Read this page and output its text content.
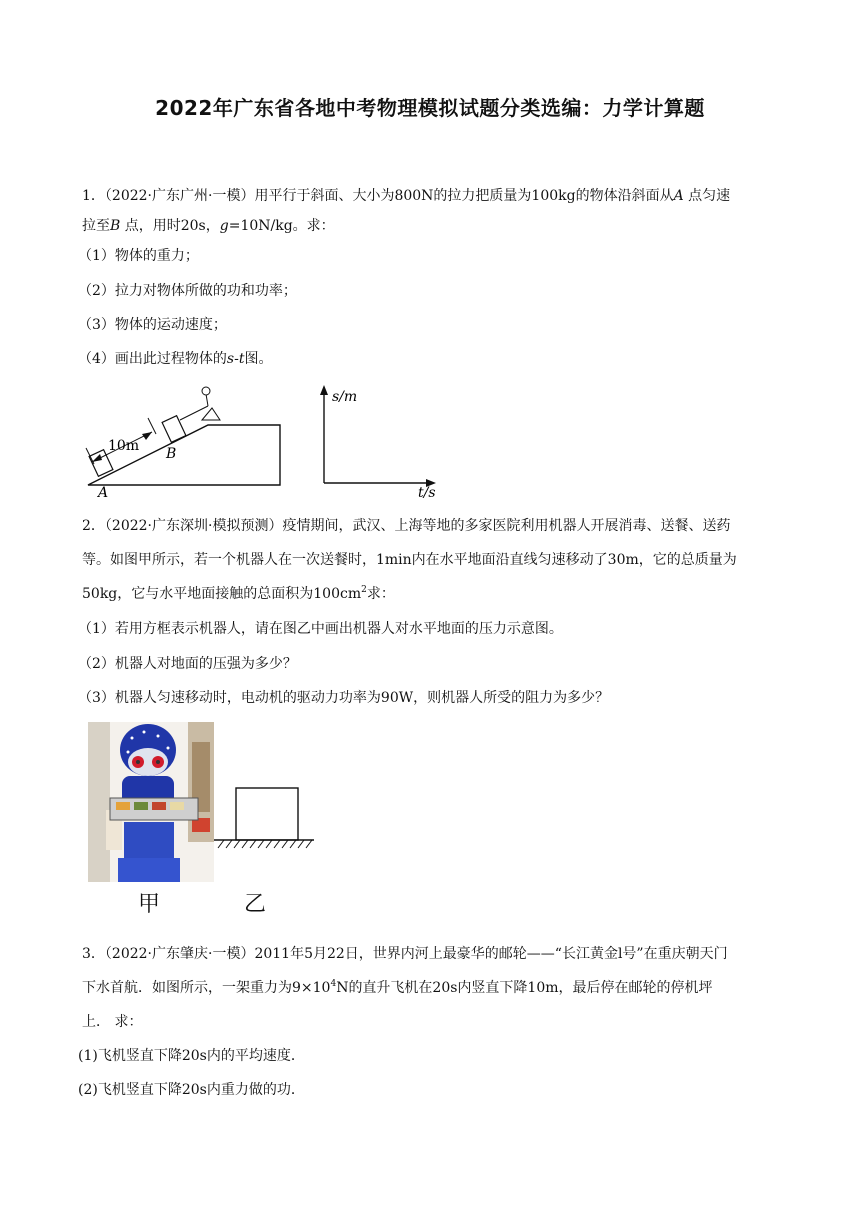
2022年广东省各地中考物理模拟试题分类选编：力学计算题
1．（2022·广东广州·一模）用平行于斜面、大小为800N的拉力把质量为100kg的物体沿斜面从A 点匀速
拉至B 点，用时20s，g=10N/kg。求：
（1）物体的重力；
（2）拉力对物体所做的功和功率；
（3）物体的运动速度；
（4）画出此过程物体的s-t图。
10m B
A
s/m
t/s
2．（2022·广东深圳·模拟预测）疫情期间，武汉、上海等地的多家医院利用机器人开展消毒、送餐、送药
等。如图甲所示，若一个机器人在一次送餐时，1min内在水平地面沿直线匀速移动了30m，它的总质量为
50kg，它与水平地面接触的总面积为$100cm^2$求：
（1）若用方框表示机器人，请在图乙中画出机器人对水平地面的压力示意图。
（2）机器人对地面的压强为多少？
（3）机器人匀速移动时，电动机的驱动力功率为90W，则机器人所受的阻力为多少？
甲	乙
3．（2022·广东肇庆·一模）2011年5月22日，世界内河上最豪华的邮轮——“长江黄金l号”在重庆朝天门
下水首航．如图所示，一架重力为$9\times 10^4N$的直升飞机在20s内竖直下降10m，最后停在邮轮的停机坪
上． 求：
(1)飞机竖直下降20s内的平均速度．
(2)飞机竖直下降20s内重力做的功．
